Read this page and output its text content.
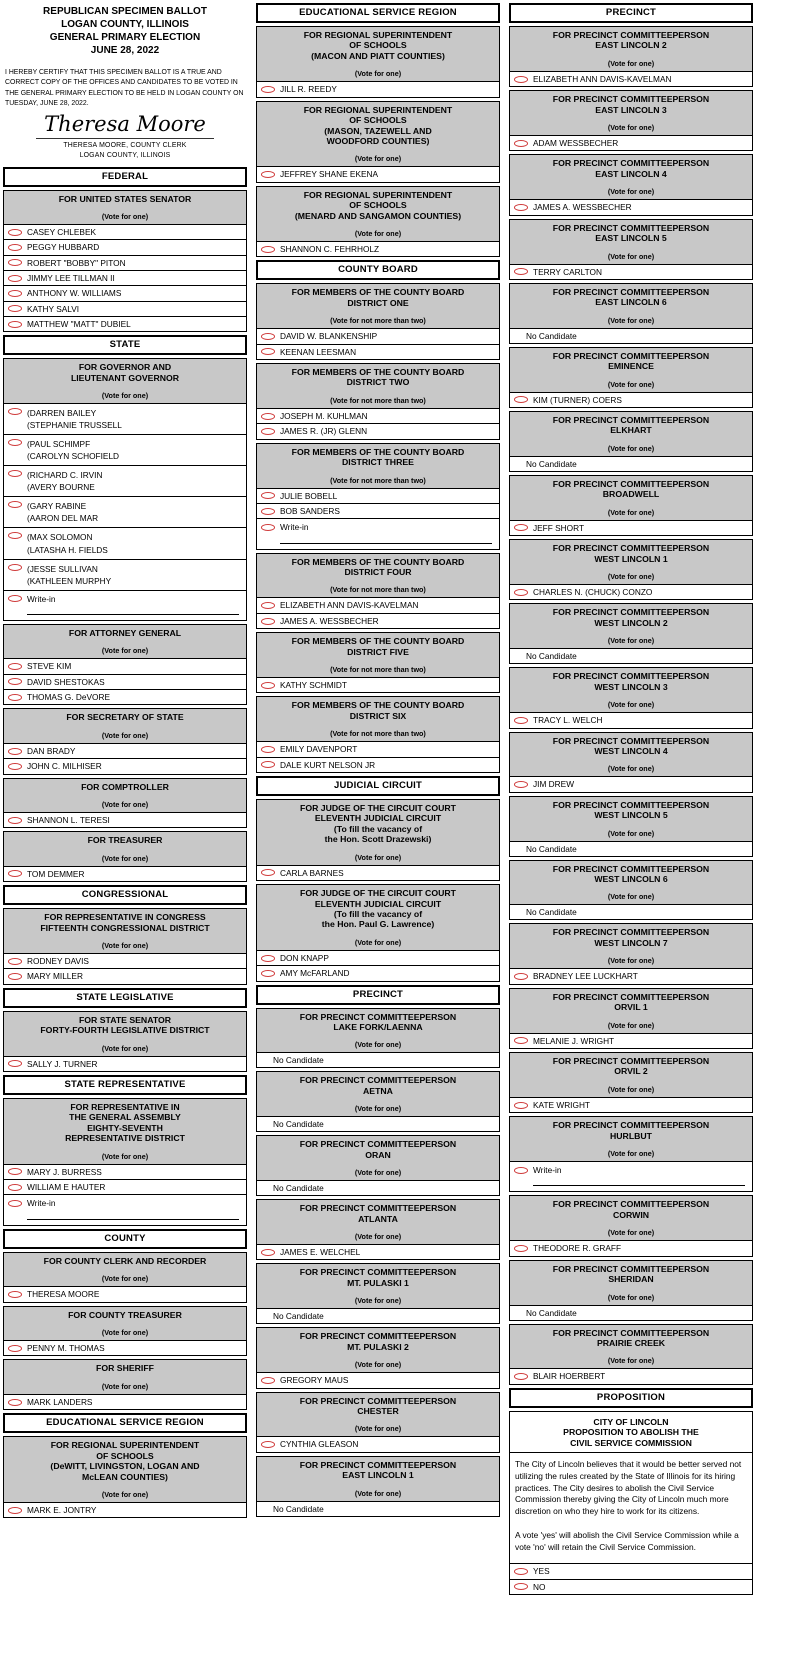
REPUBLICAN SPECIMEN BALLOT
LOGAN COUNTY, ILLINOIS
GENERAL PRIMARY ELECTION
JUNE 28, 2022

I HEREBY CERTIFY THAT THIS SPECIMEN BALLOT IS A TRUE AND CORRECT COPY OF THE OFFICES AND CANDIDATES TO BE VOTED IN THE GENERAL PRIMARY ELECTION TO BE HELD IN LOGAN COUNTY ON TUESDAY, JUNE 28, 2022.

Theresa Moore
THERESA MOORE, COUNTY CLERK
LOGAN COUNTY, ILLINOIS
FEDERAL
FOR UNITED STATES SENATOR
(Vote for one)
CASEY CHLEBEK
PEGGY HUBBARD
ROBERT "BOBBY" PITON
JIMMY LEE TILLMAN II
ANTHONY W. WILLIAMS
KATHY SALVI
MATTHEW "MATT" DUBIEL
STATE
FOR GOVERNOR AND
LIEUTENANT GOVERNOR
(Vote for one)
(DARREN BAILEY
(STEPHANIE TRUSSELL
(PAUL SCHIMPF
(CAROLYN SCHOFIELD
(RICHARD C. IRVIN
(AVERY BOURNE
(GARY RABINE
(AARON DEL MAR
(MAX SOLOMON
(LATASHA H. FIELDS
(JESSE SULLIVAN
(KATHLEEN MURPHY
Write-in
FOR ATTORNEY GENERAL
(Vote for one)
STEVE KIM
DAVID SHESTOKAS
THOMAS G. DeVORE
FOR SECRETARY OF STATE
(Vote for one)
DAN BRADY
JOHN C. MILHISER
FOR COMPTROLLER
(Vote for one)
SHANNON L. TERESI
FOR TREASURER
(Vote for one)
TOM DEMMER
CONGRESSIONAL
FOR REPRESENTATIVE IN CONGRESS
FIFTEENTH CONGRESSIONAL DISTRICT
(Vote for one)
RODNEY DAVIS
MARY MILLER
STATE LEGISLATIVE
FOR STATE SENATOR
FORTY-FOURTH LEGISLATIVE DISTRICT
(Vote for one)
SALLY J. TURNER
STATE REPRESENTATIVE
FOR REPRESENTATIVE IN
THE GENERAL ASSEMBLY
EIGHTY-SEVENTH
REPRESENTATIVE DISTRICT
(Vote for one)
MARY J. BURRESS
WILLIAM E HAUTER
Write-in
COUNTY
FOR COUNTY CLERK AND RECORDER
(Vote for one)
THERESA MOORE
FOR COUNTY TREASURER
(Vote for one)
PENNY M. THOMAS
FOR SHERIFF
(Vote for one)
MARK LANDERS
EDUCATIONAL SERVICE REGION
FOR REGIONAL SUPERINTENDENT
OF SCHOOLS
(DeWITT, LIVINGSTON, LOGAN AND
McLEAN COUNTIES)
(Vote for one)
MARK E. JONTRY
EDUCATIONAL SERVICE REGION
FOR REGIONAL SUPERINTENDENT
OF SCHOOLS
(MACON AND PIATT COUNTIES)
(Vote for one)
JILL R. REEDY
FOR REGIONAL SUPERINTENDENT
OF SCHOOLS
(MASON, TAZEWELL AND
WOODFORD COUNTIES)
(Vote for one)
JEFFREY SHANE EKENA
FOR REGIONAL SUPERINTENDENT
OF SCHOOLS
(MENARD AND SANGAMON COUNTIES)
(Vote for one)
SHANNON C. FEHRHOLZ
COUNTY BOARD
FOR MEMBERS OF THE COUNTY BOARD
DISTRICT ONE
(Vote for not more than two)
DAVID W. BLANKENSHIP
KEENAN LEESMAN
FOR MEMBERS OF THE COUNTY BOARD
DISTRICT TWO
(Vote for not more than two)
JOSEPH M. KUHLMAN
JAMES R. (JR) GLENN
FOR MEMBERS OF THE COUNTY BOARD
DISTRICT THREE
(Vote for not more than two)
JULIE BOBELL
BOB SANDERS
Write-in
FOR MEMBERS OF THE COUNTY BOARD
DISTRICT FOUR
(Vote for not more than two)
ELIZABETH ANN DAVIS-KAVELMAN
JAMES A. WESSBECHER
FOR MEMBERS OF THE COUNTY BOARD
DISTRICT FIVE
(Vote for not more than two)
KATHY SCHMIDT
FOR MEMBERS OF THE COUNTY BOARD
DISTRICT SIX
(Vote for not more than two)
EMILY DAVENPORT
DALE KURT NELSON JR
JUDICIAL CIRCUIT
FOR JUDGE OF THE CIRCUIT COURT
ELEVENTH JUDICIAL CIRCUIT
(To fill the vacancy of
the Hon. Scott Drazewski)
(Vote for one)
CARLA BARNES
FOR JUDGE OF THE CIRCUIT COURT
ELEVENTH JUDICIAL CIRCUIT
(To fill the vacancy of
the Hon. Paul G. Lawrence)
(Vote for one)
DON KNAPP
AMY McFARLAND
PRECINCT
FOR PRECINCT COMMITTEEPERSON
LAKE FORK/LAENNA
(Vote for one)
No Candidate
FOR PRECINCT COMMITTEEPERSON
AETNA
(Vote for one)
No Candidate
FOR PRECINCT COMMITTEEPERSON
ORAN
(Vote for one)
No Candidate
FOR PRECINCT COMMITTEEPERSON
ATLANTA
(Vote for one)
JAMES E. WELCHEL
FOR PRECINCT COMMITTEEPERSON
MT. PULASKI 1
(Vote for one)
No Candidate
FOR PRECINCT COMMITTEEPERSON
MT. PULASKI 2
(Vote for one)
GREGORY MAUS
FOR PRECINCT COMMITTEEPERSON
CHESTER
(Vote for one)
CYNTHIA GLEASON
FOR PRECINCT COMMITTEEPERSON
EAST LINCOLN 1
(Vote for one)
No Candidate
PRECINCT
FOR PRECINCT COMMITTEEPERSON
EAST LINCOLN 2
(Vote for one)
ELIZABETH ANN DAVIS-KAVELMAN
FOR PRECINCT COMMITTEEPERSON
EAST LINCOLN 3
(Vote for one)
ADAM WESSBECHER
FOR PRECINCT COMMITTEEPERSON
EAST LINCOLN 4
(Vote for one)
JAMES A. WESSBECHER
FOR PRECINCT COMMITTEEPERSON
EAST LINCOLN 5
(Vote for one)
TERRY CARLTON
FOR PRECINCT COMMITTEEPERSON
EAST LINCOLN 6
(Vote for one)
No Candidate
FOR PRECINCT COMMITTEEPERSON
EMINENCE
(Vote for one)
KIM (TURNER) COERS
FOR PRECINCT COMMITTEEPERSON
ELKHART
(Vote for one)
No Candidate
FOR PRECINCT COMMITTEEPERSON
BROADWELL
(Vote for one)
JEFF SHORT
FOR PRECINCT COMMITTEEPERSON
WEST LINCOLN 1
(Vote for one)
CHARLES N. (CHUCK) CONZO
FOR PRECINCT COMMITTEEPERSON
WEST LINCOLN 2
(Vote for one)
No Candidate
FOR PRECINCT COMMITTEEPERSON
WEST LINCOLN 3
(Vote for one)
TRACY L. WELCH
FOR PRECINCT COMMITTEEPERSON
WEST LINCOLN 4
(Vote for one)
JIM DREW
FOR PRECINCT COMMITTEEPERSON
WEST LINCOLN 5
(Vote for one)
No Candidate
FOR PRECINCT COMMITTEEPERSON
WEST LINCOLN 6
(Vote for one)
No Candidate
FOR PRECINCT COMMITTEEPERSON
WEST LINCOLN 7
(Vote for one)
BRADNEY LEE LUCKHART
FOR PRECINCT COMMITTEEPERSON
ORVIL 1
(Vote for one)
MELANIE J. WRIGHT
FOR PRECINCT COMMITTEEPERSON
ORVIL 2
(Vote for one)
KATE WRIGHT
FOR PRECINCT COMMITTEEPERSON
HURLBUT
(Vote for one)
Write-in
FOR PRECINCT COMMITTEEPERSON
CORWIN
(Vote for one)
THEODORE R. GRAFF
FOR PRECINCT COMMITTEEPERSON
SHERIDAN
(Vote for one)
No Candidate
FOR PRECINCT COMMITTEEPERSON
PRAIRIE CREEK
(Vote for one)
BLAIR HOERBERT
PROPOSITION
CITY OF LINCOLN
PROPOSITION TO ABOLISH THE
CIVIL SERVICE COMMISSION

The City of Lincoln believes that it would be better served not utilizing the rules created by the State of Illinois for its hiring practices. The City desires to abolish the Civil Service Commission thereby giving the City of Lincoln much more discretion on who they hire to work for its citizens.

A vote 'yes' will abolish the Civil Service Commission while a vote 'no' will retain the Civil Service Commission.

YES
NO
